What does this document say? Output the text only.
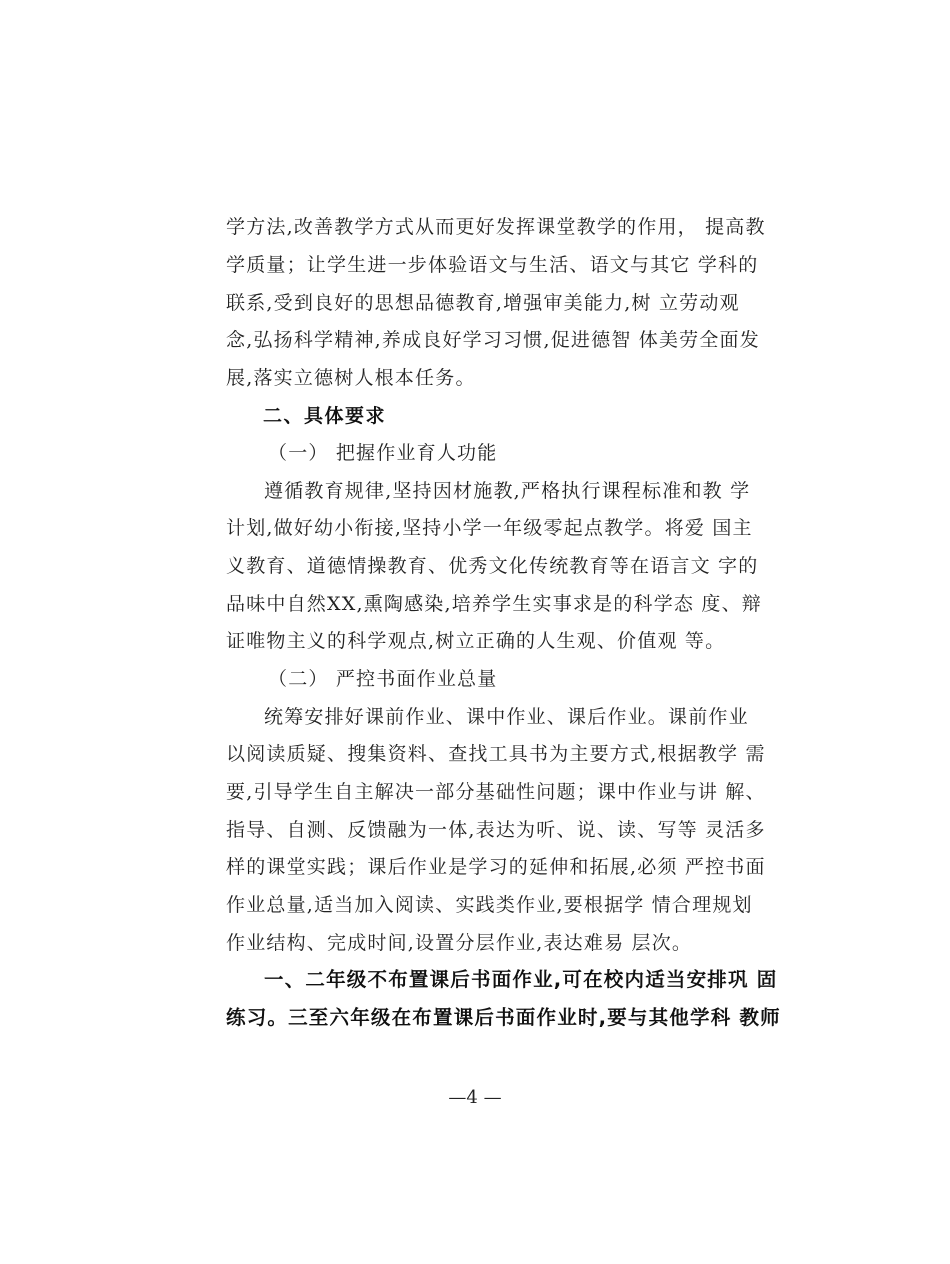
学方法,改善教学方式从而更好发挥课堂教学的作用， 提高教
学质量；让学生进一步体验语文与生活、语文与其它 学科的
联系,受到良好的思想品德教育,增强审美能力,树 立劳动观
念,弘扬科学精神,养成良好学习习惯,促进德智 体美劳全面发
展,落实立德树人根本任务。
二、具体要求
（一） 把握作业育人功能
遵循教育规律,坚持因材施教,严格执行课程标准和教 学
计划,做好幼小衔接,坚持小学一年级零起点教学。将爱 国主
义教育、道德情操教育、优秀文化传统教育等在语言文 字的
品味中自然XX,熏陶感染,培养学生实事求是的科学态 度、辩
证唯物主义的科学观点,树立正确的人生观、价值观 等。
（二） 严控书面作业总量
统筹安排好课前作业、课中作业、课后作业。课前作业
以阅读质疑、搜集资料、查找工具书为主要方式,根据教学 需
要,引导学生自主解决一部分基础性问题；课中作业与讲 解、
指导、自测、反馈融为一体,表达为听、说、读、写等 灵活多
样的课堂实践；课后作业是学习的延伸和拓展,必须 严控书面
作业总量,适当加入阅读、实践类作业,要根据学 情合理规划
作业结构、完成时间,设置分层作业,表达难易 层次。
一、二年级不布置课后书面作业,可在校内适当安排巩 固
练习。三至六年级在布置课后书面作业时,要与其他学科 教师
—4 —
